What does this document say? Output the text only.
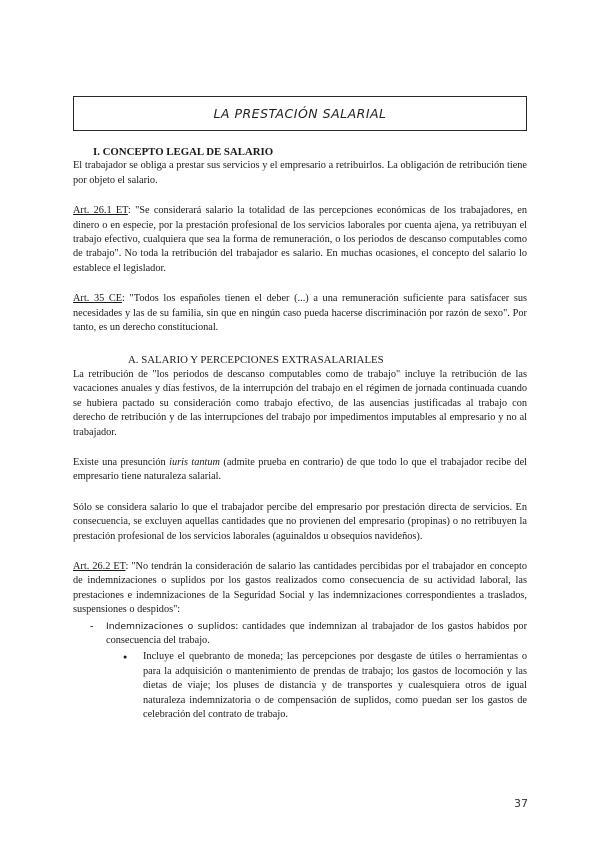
LA PRESTACIÓN SALARIAL
I. CONCEPTO LEGAL DE SALARIO

El trabajador se obliga a prestar sus servicios y el empresario a retribuirlos. La obligación de retribución tiene por objeto el salario.

Art. 26.1 ET: "Se considerará salario la totalidad de las percepciones económicas de los trabajadores, en dinero o en especie, por la prestación profesional de los servicios laborales por cuenta ajena, ya retribuyan el trabajo efectivo, cualquiera que sea la forma de remuneración, o los periodos de descanso computables como de trabajo". No toda la retribución del trabajador es salario. En muchas ocasiones, el concepto del salario lo establece el legislador.

Art. 35 CE: "Todos los españoles tienen el deber (...) a una remuneración suficiente para satisfacer sus necesidades y las de su familia, sin que en ningún caso pueda hacerse discriminación por razón de sexo". Por tanto, es un derecho constitucional.

A. SALARIO Y PERCEPCIONES EXTRASALARIALES

La retribución de "los periodos de descanso computables como de trabajo" incluye la retribución de las vacaciones anuales y días festivos, de la interrupción del trabajo en el régimen de jornada continuada cuando se hubiera pactado su consideración como trabajo efectivo, de las ausencias justificadas al trabajo con derecho de retribución y de las interrupciones del trabajo por impedimentos imputables al empresario y no al trabajador.

Existe una presunción iuris tantum (admite prueba en contrario) de que todo lo que el trabajador recibe del empresario tiene naturaleza salarial.

Sólo se considera salario lo que el trabajador percibe del empresario por prestación directa de servicios. En consecuencia, se excluyen aquellas cantidades que no provienen del empresario (propinas) o no retribuyen la prestación profesional de los servicios laborales (aguinaldos u obsequios navideños).

Art. 26.2 ET: "No tendrán la consideración de salario las cantidades percibidas por el trabajador en concepto de indemnizaciones o suplidos por los gastos realizados como consecuencia de su actividad laboral, las prestaciones e indemnizaciones de la Seguridad Social y las indemnizaciones correspondientes a traslados, suspensiones o despidos":

- Indemnizaciones o suplidos: cantidades que indemnizan al trabajador de los gastos habidos por consecuencia del trabajo.
● Incluye el quebranto de moneda; las percepciones por desgaste de útiles o herramientas o para la adquisición o mantenimiento de prendas de trabajo; los gastos de locomoción y las dietas de viaje; los pluses de distancia y de transportes y cualesquiera otros de igual naturaleza indemnizatoria o de compensación de suplidos, como puedan ser los gastos de celebración del contrato de trabajo.
37
